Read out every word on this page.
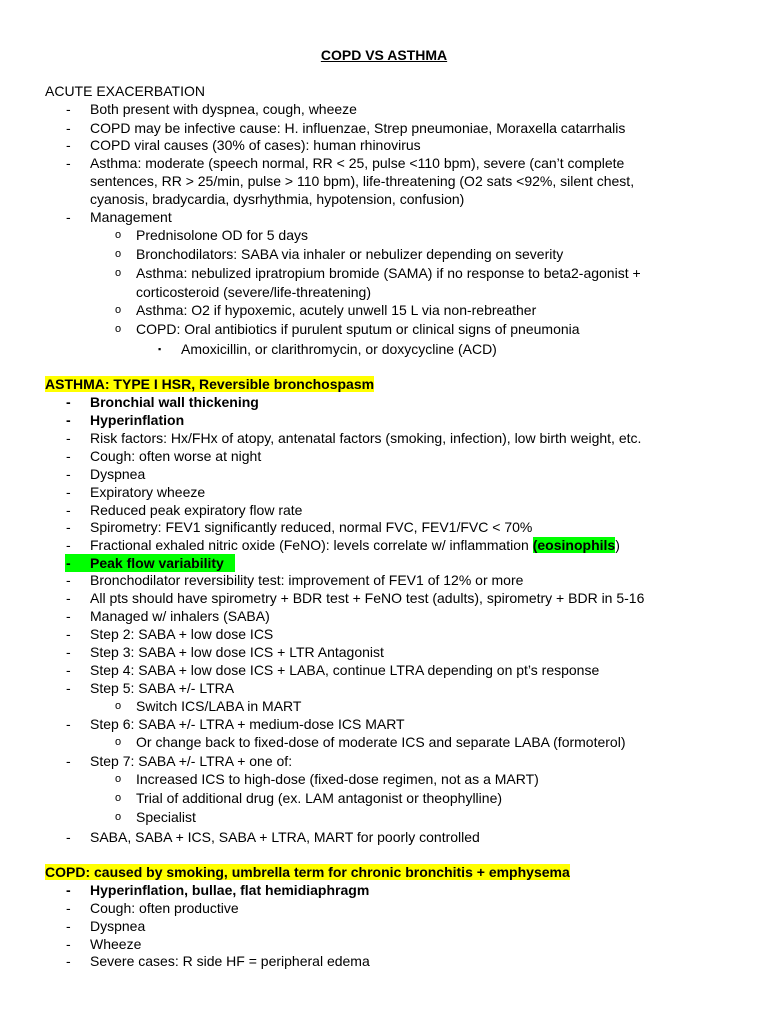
COPD VS ASTHMA
ACUTE EXACERBATION
- Both present with dyspnea, cough, wheeze
- COPD may be infective cause: H. influenzae, Strep pneumoniae, Moraxella catarrhalis
- COPD viral causes (30% of cases): human rhinovirus
- Asthma: moderate (speech normal, RR < 25, pulse <110 bpm), severe (can’t complete
sentences, RR > 25/min, pulse > 110 bpm), life-threatening (O2 sats <92%, silent chest,
cyanosis, bradycardia, dysrhythmia, hypotension, confusion)
- Management
o Prednisolone OD for 5 days
o Bronchodilators: SABA via inhaler or nebulizer depending on severity
o Asthma: nebulized ipratropium bromide (SAMA) if no response to beta2-agonist +
corticosteroid (severe/life-threatening)
o Asthma: O2 if hypoxemic, acutely unwell 15 L via non-rebreather
o COPD: Oral antibiotics if purulent sputum or clinical signs of pneumonia
▪ Amoxicillin, or clarithromycin, or doxycycline (ACD)
ASTHMA: TYPE I HSR, Reversible bronchospasm
- Bronchial wall thickening
- Hyperinflation
- Risk factors: Hx/FHx of atopy, antenatal factors (smoking, infection), low birth weight, etc.
- Cough: often worse at night
- Dyspnea
- Expiratory wheeze
- Reduced peak expiratory flow rate
- Spirometry: FEV1 significantly reduced, normal FVC, FEV1/FVC < 70%
- Fractional exhaled nitric oxide (FeNO): levels correlate w/ inflammation (eosinophils)
- Peak flow variability
- Bronchodilator reversibility test: improvement of FEV1 of 12% or more
- All pts should have spirometry + BDR test + FeNO test (adults), spirometry + BDR in 5-16
- Managed w/ inhalers (SABA)
- Step 2: SABA + low dose ICS
- Step 3: SABA + low dose ICS + LTR Antagonist
- Step 4: SABA + low dose ICS + LABA, continue LTRA depending on pt’s response
- Step 5: SABA +/- LTRA
o Switch ICS/LABA in MART
- Step 6: SABA +/- LTRA + medium-dose ICS MART
o Or change back to fixed-dose of moderate ICS and separate LABA (formoterol)
- Step 7: SABA +/- LTRA + one of:
o Increased ICS to high-dose (fixed-dose regimen, not as a MART)
o Trial of additional drug (ex. LAM antagonist or theophylline)
o Specialist
- SABA, SABA + ICS, SABA + LTRA, MART for poorly controlled
COPD: caused by smoking, umbrella term for chronic bronchitis + emphysema
- Hyperinflation, bullae, flat hemidiaphragm
- Cough: often productive
- Dyspnea
- Wheeze
- Severe cases: R side HF = peripheral edema
